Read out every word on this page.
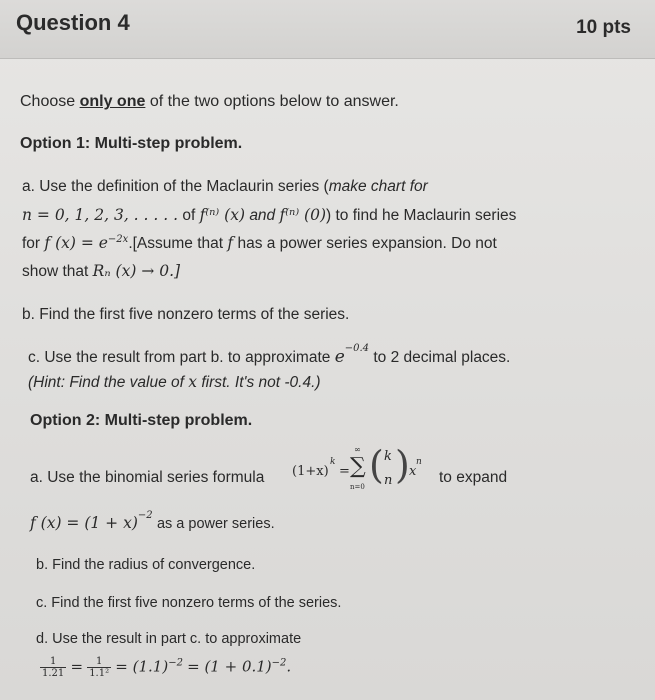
Question 4	10 pts
Choose only one of the two options below to answer.
Option 1: Multi-step problem.
a. Use the definition of the Maclaurin series (make chart for
n = 0, 1, 2, 3, . . . . . of f⁽ⁿ⁾ (x) and f⁽ⁿ⁾ (0)) to find he Maclaurin series
for f $(x) = e^{-2x}.[Assume$ that f has a power series expansion. Do not
show that Rₙ (x) → 0.]
b. Find the first five nonzero terms of the series.
c. Use the result from part b. to approximate $e^{-0.4}$ to 2 decimal places.
(Hint: Find the value of x first. It's not -0.4.)
Option 2: Multi-step problem.
a. Use the binomial series formula (1+x)
k
=
∞
∑
n=0 ( k
n ) x
n
to expand
f $(x) = (1 + x)^{-2}$ as a power series.
b. Find the radius of convergence.
c. Find the first five nonzero terms of the series.
d. Use the result in part c. to approximate
$\frac{1}{1.21} = \frac{1}{\text{1.1²}} = (1.1)^{-2} = (1 + 0.1)^{-2}$.
